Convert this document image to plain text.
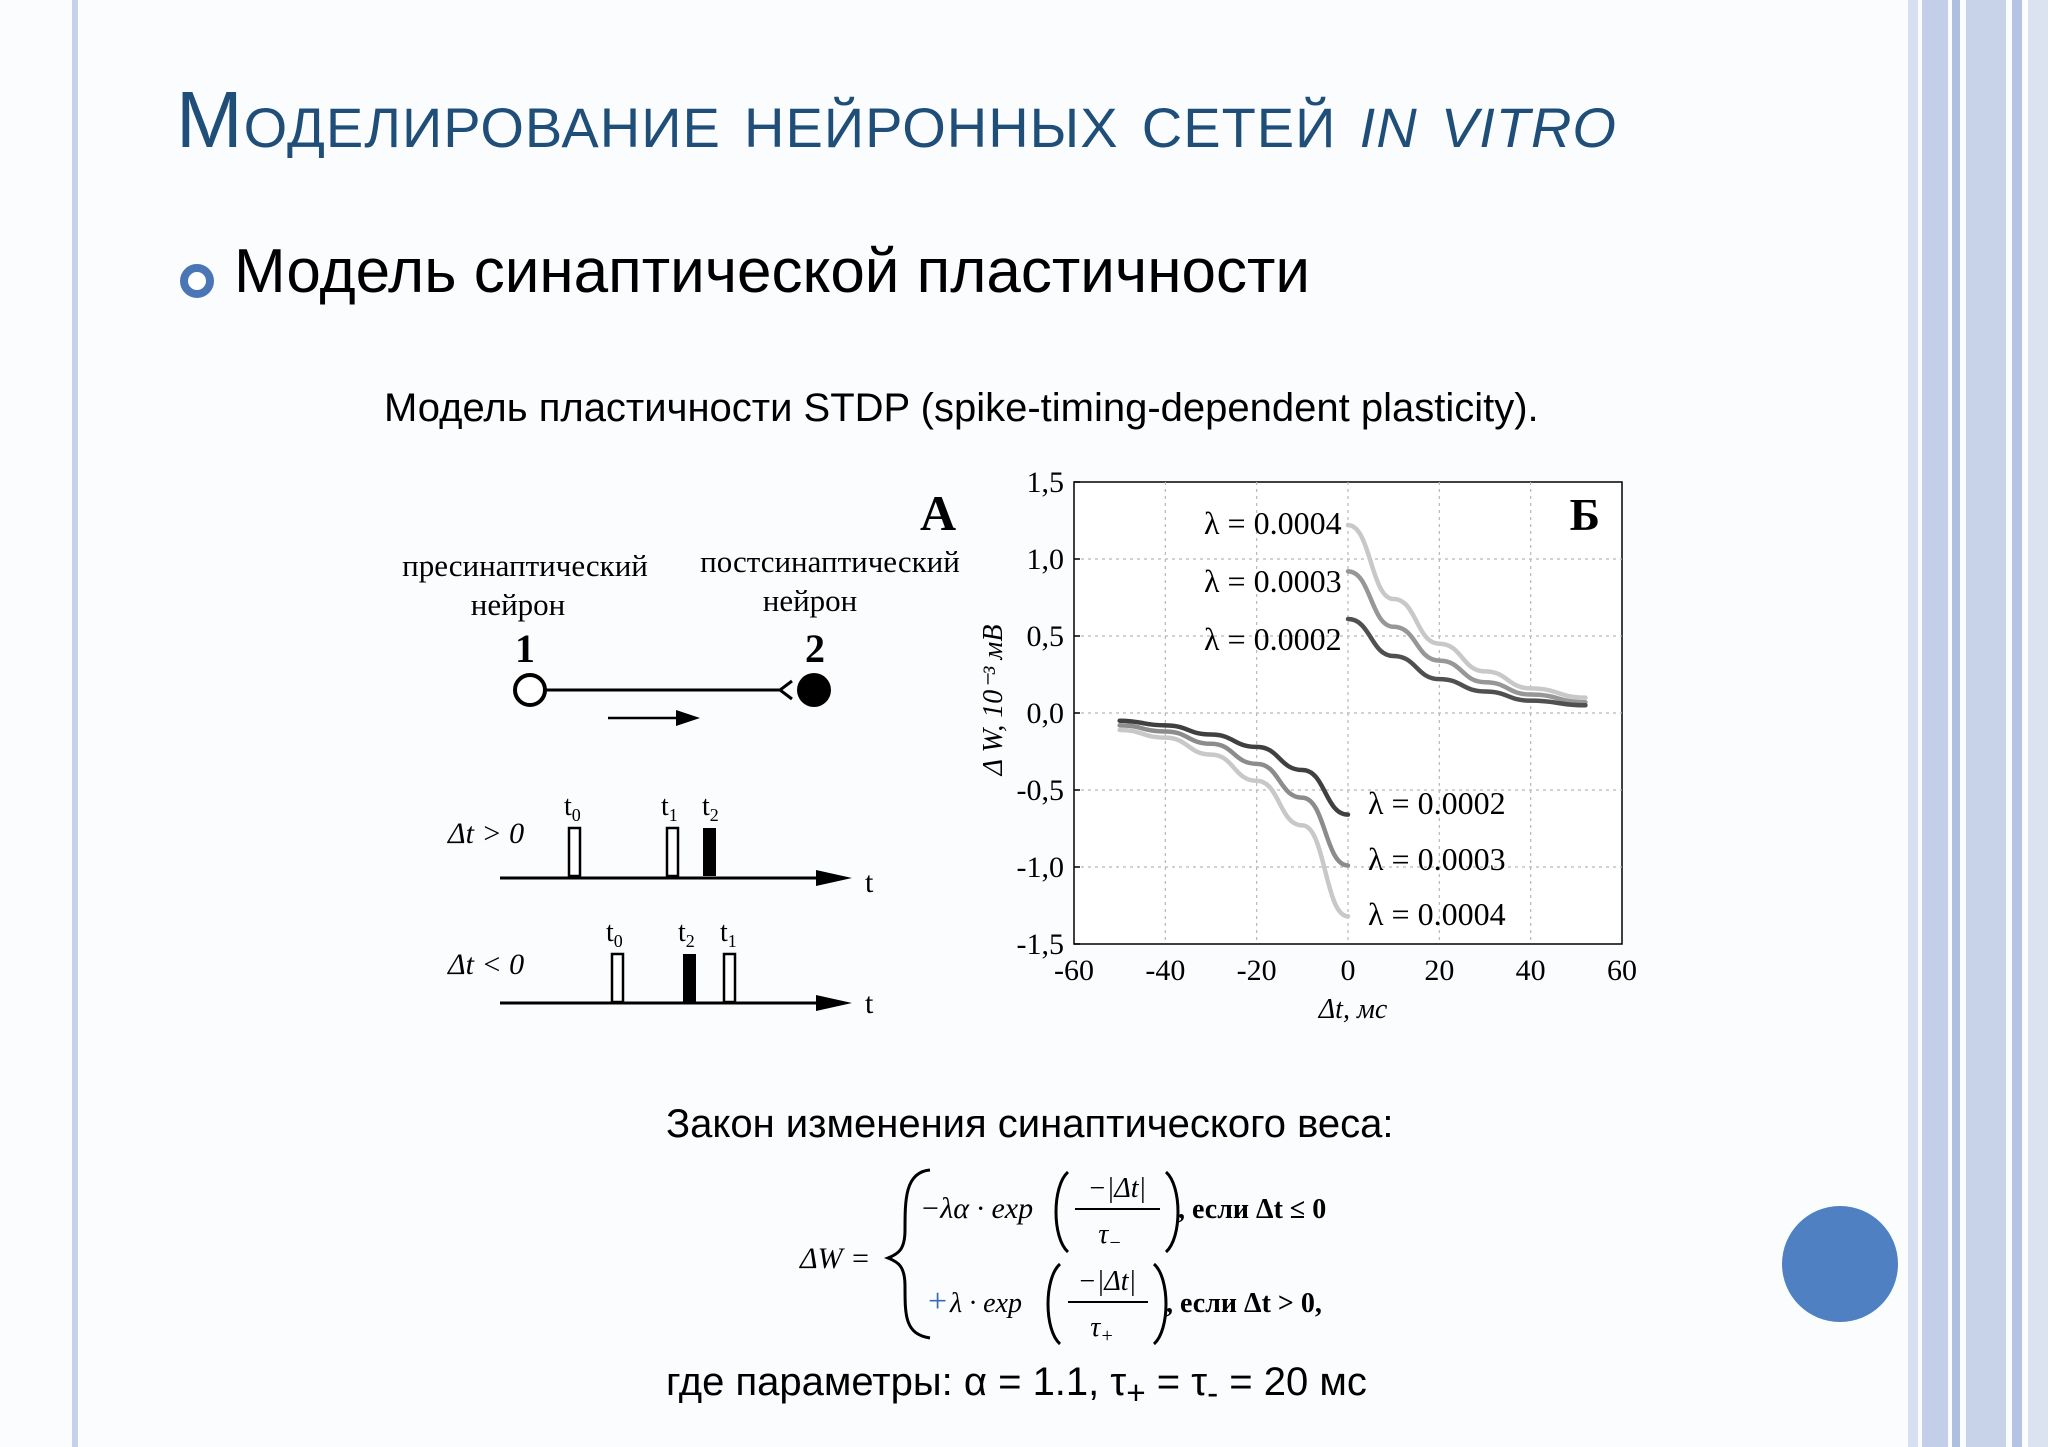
Моделирование нейронных сетей in vitro
Модель синаптической пластичности
Модель пластичности STDP (spike-timing-dependent plasticity).
А
пресинаптический
нейрон
постсинаптический
нейрон
1	2
Δt > 0
t
$t_0$	$t_1$ $t_2$
Δt < 0
t
$t_0$ $t_2$ $t_1$
-60 -40 -20 0 20 40 60
1,5
1,0
0,5
0,0
-0,5
-1,0
-1,5
Б
Δt, мс
Δ W, 10⁻³ мВ
λ = 0.0004
λ = 0.0003
λ = 0.0002
λ = 0.0002
λ = 0.0003
λ = 0.0004
ΔW =
−λα · exp
−|Δt|
$\tau_-$
, если Δt ≤ 0
+ λ · exp
−|Δt|
$\tau_+$
, если Δt > 0,
Закон изменения синаптического веса:
где параметры: α = 1.1, $\tau_+ = \tau_- = 20$ мс
